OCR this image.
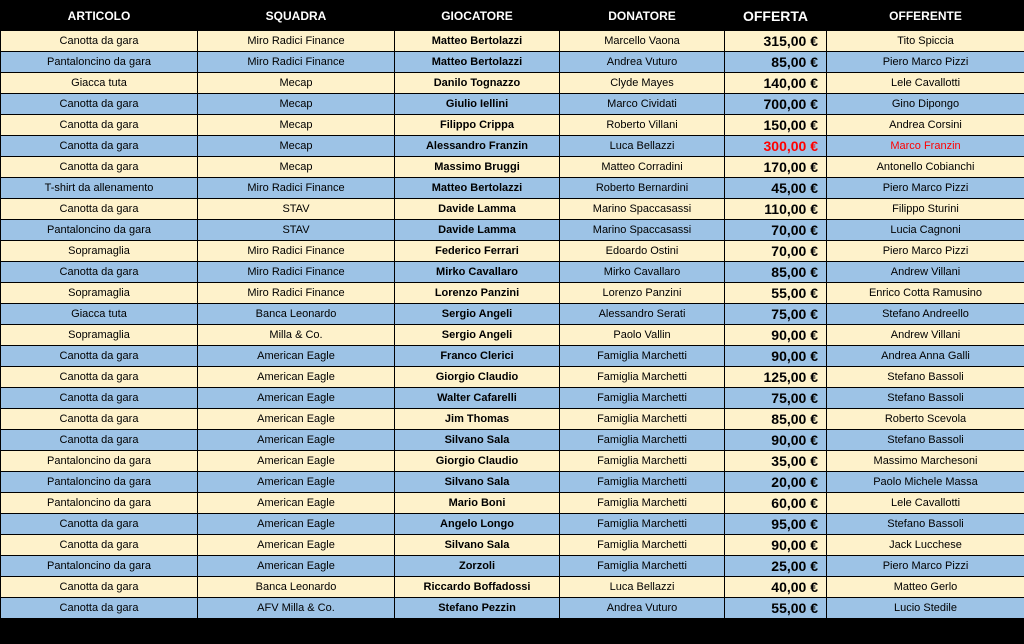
ARTICOLO	SQUADRA	GIOCATORE	DONATORE	OFFERTA	OFFERENTE
Canotta da gara	Miro Radici Finance	Matteo Bertolazzi	Marcello Vaona	315,00 €	Tito Spiccia
Pantaloncino da gara	Miro Radici Finance	Matteo Bertolazzi	Andrea Vuturo	85,00 €	Piero Marco Pizzi
Giacca tuta	Mecap	Danilo Tognazzo	Clyde Mayes	140,00 €	Lele Cavallotti
Canotta da gara	Mecap	Giulio Iellini	Marco Cividati	700,00 €	Gino Dipongo
Canotta da gara	Mecap	Filippo Crippa	Roberto Villani	150,00 €	Andrea Corsini
Canotta da gara	Mecap	Alessandro Franzin	Luca Bellazzi	300,00 €	Marco Franzin
Canotta da gara	Mecap	Massimo Bruggi	Matteo Corradini	170,00 €	Antonello Cobianchi
T-shirt da allenamento	Miro Radici Finance	Matteo Bertolazzi	Roberto Bernardini	45,00 €	Piero Marco Pizzi
Canotta da gara	STAV	Davide Lamma	Marino Spaccasassi	110,00 €	Filippo Sturini
Pantaloncino da gara	STAV	Davide Lamma	Marino Spaccasassi	70,00 €	Lucia Cagnoni
Sopramaglia	Miro Radici Finance	Federico Ferrari	Edoardo Ostini	70,00 €	Piero Marco Pizzi
Canotta da gara	Miro Radici Finance	Mirko Cavallaro	Mirko Cavallaro	85,00 €	Andrew Villani
Sopramaglia	Miro Radici Finance	Lorenzo Panzini	Lorenzo Panzini	55,00 €	Enrico Cotta Ramusino
Giacca tuta	Banca Leonardo	Sergio Angeli	Alessandro Serati	75,00 €	Stefano Andreello
Sopramaglia	Milla & Co.	Sergio Angeli	Paolo Vallin	90,00 €	Andrew Villani
Canotta da gara	American Eagle	Franco Clerici	Famiglia Marchetti	90,00 €	Andrea Anna Galli
Canotta da gara	American Eagle	Giorgio Claudio	Famiglia Marchetti	125,00 €	Stefano Bassoli
Canotta da gara	American Eagle	Walter Cafarelli	Famiglia Marchetti	75,00 €	Stefano Bassoli
Canotta da gara	American Eagle	Jim Thomas	Famiglia Marchetti	85,00 €	Roberto Scevola
Canotta da gara	American Eagle	Silvano Sala	Famiglia Marchetti	90,00 €	Stefano Bassoli
Pantaloncino da gara	American Eagle	Giorgio Claudio	Famiglia Marchetti	35,00 €	Massimo Marchesoni
Pantaloncino da gara	American Eagle	Silvano Sala	Famiglia Marchetti	20,00 €	Paolo Michele Massa
Pantaloncino da gara	American Eagle	Mario Boni	Famiglia Marchetti	60,00 €	Lele Cavallotti
Canotta da gara	American Eagle	Angelo Longo	Famiglia Marchetti	95,00 €	Stefano Bassoli
Canotta da gara	American Eagle	Silvano Sala	Famiglia Marchetti	90,00 €	Jack Lucchese
Pantaloncino da gara	American Eagle	Zorzoli	Famiglia Marchetti	25,00 €	Piero Marco Pizzi
Canotta da gara	Banca Leonardo	Riccardo Boffadossi	Luca Bellazzi	40,00 €	Matteo Gerlo
Canotta da gara	AFV Milla & Co.	Stefano Pezzin	Andrea Vuturo	55,00 €	Lucio Stedile
